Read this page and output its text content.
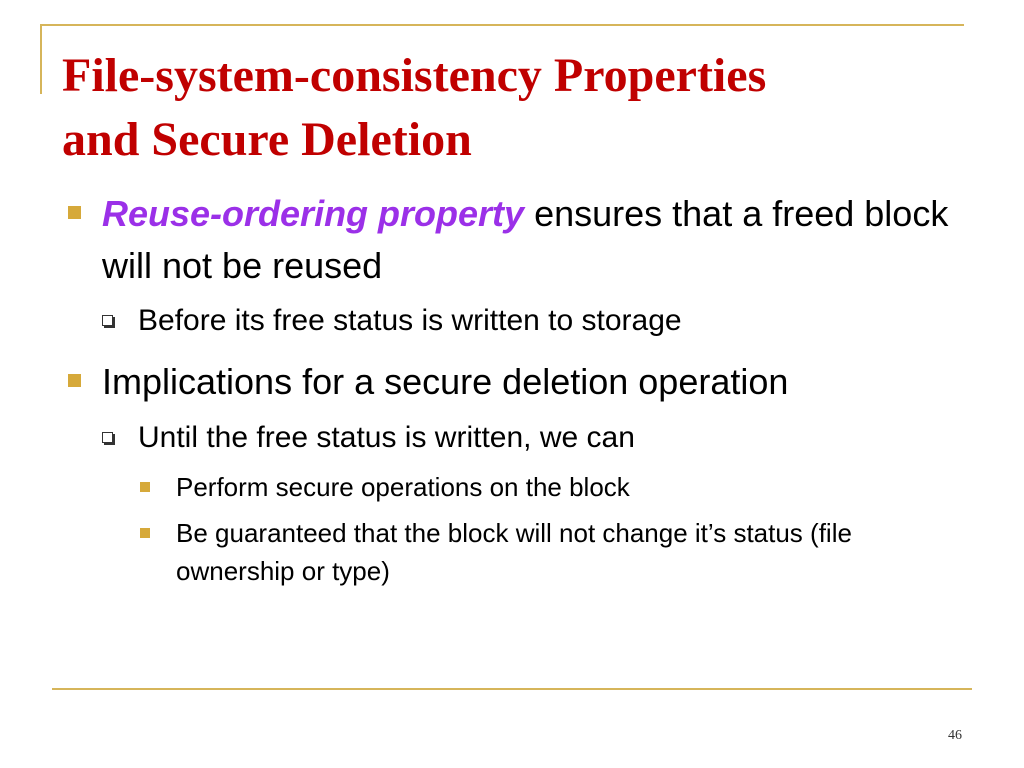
File-system-consistency Properties
and Secure Deletion
Reuse-ordering property ensures that a freed block will not be reused
Before its free status is written to storage
Implications for a secure deletion operation
Until the free status is written, we can
Perform secure operations on the block
Be guaranteed that the block will not change it’s status (file ownership or type)
46
